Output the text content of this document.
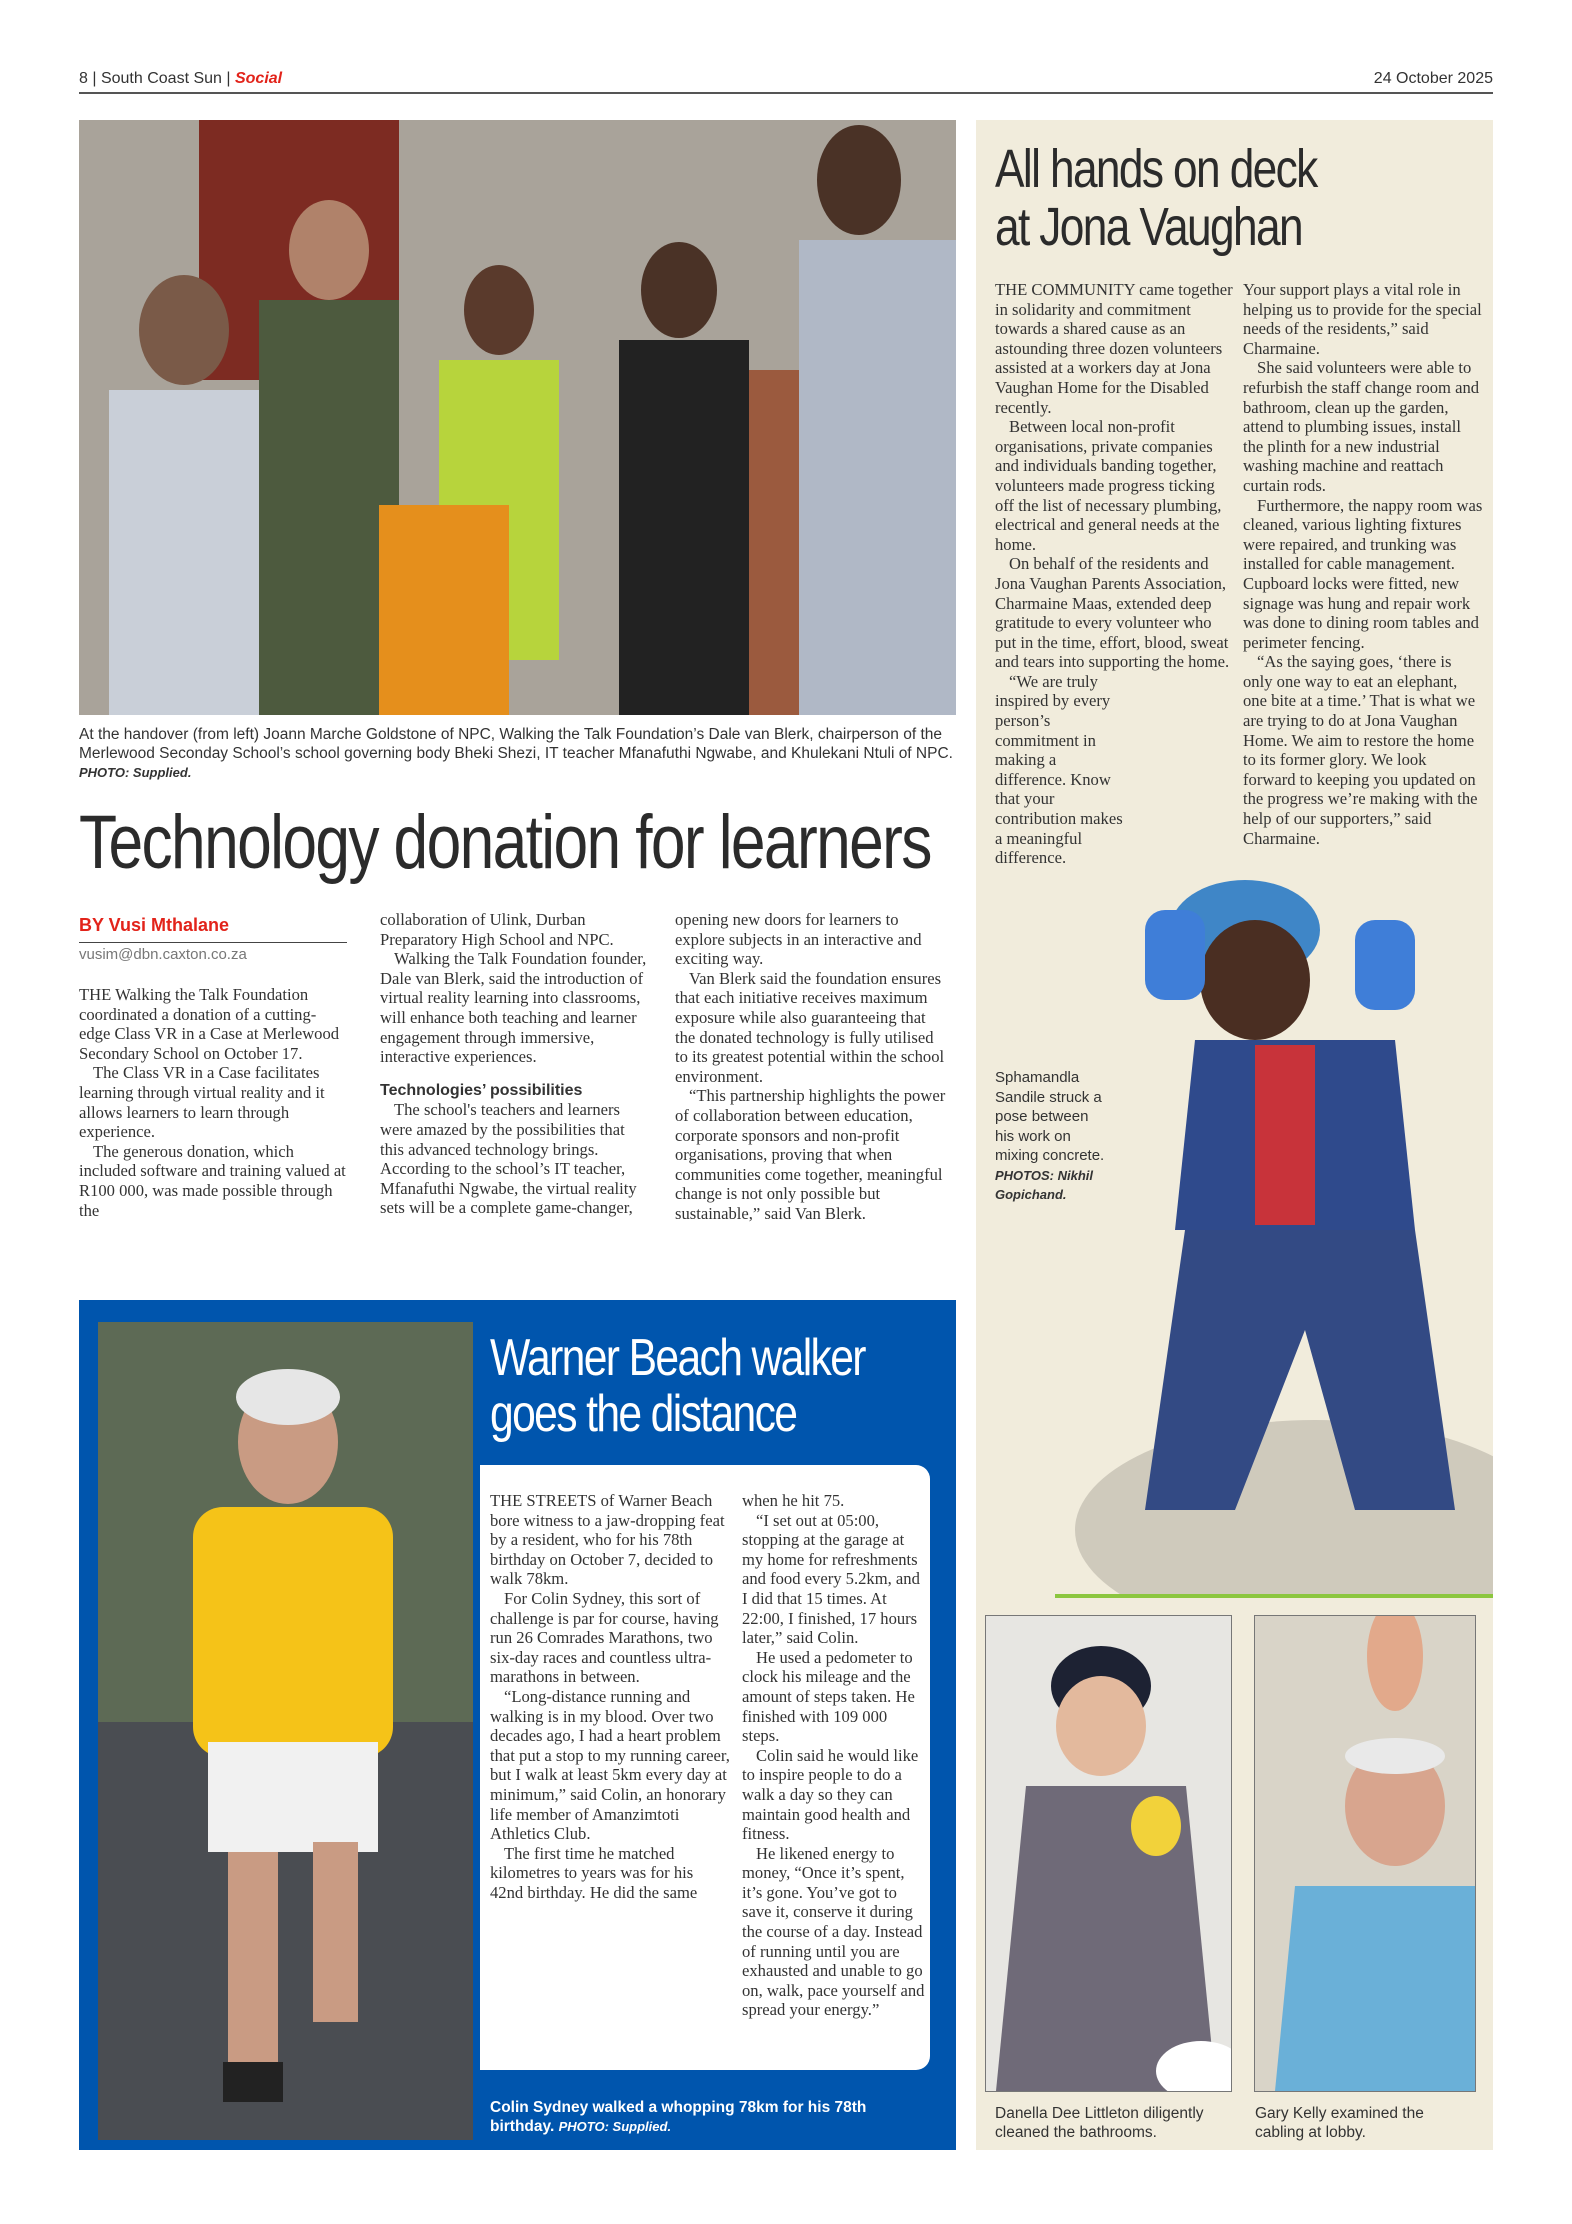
8 | South Coast Sun | Social	24 October 2025
At the handover (from left) Joann Marche Goldstone of NPC, Walking the Talk Foundation’s Dale van Blerk, chairperson of the Merlewood Seconday School’s school governing body Bheki Shezi, IT teacher Mfanafuthi Ngwabe, and Khulekani Ntuli of NPC. PHOTO: Supplied.
Technology donation for learners
BY Vusi Mthalane
vusim@dbn.caxton.co.za

THE Walking the Talk Foundation coordinated a donation of a cutting-edge Class VR in a Case at Merlewood Secondary School on October 17.

The Class VR in a Case facilitates learning through virtual reality and it allows learners to learn through experience.

The generous donation, which included software and training valued at R100 000, was made possible through the

collaboration of Ulink, Durban Preparatory High School and NPC.

Walking the Talk Foundation founder, Dale van Blerk, said the introduction of virtual reality learning into classrooms, will enhance both teaching and learner engagement through immersive, interactive experiences.

Technologies’ possibilities

The school's teachers and learners were amazed by the possibilities that this advanced technology brings. According to the school’s IT teacher, Mfanafuthi Ngwabe, the virtual reality sets will be a complete game-changer,

opening new doors for learners to explore subjects in an interactive and exciting way.

Van Blerk said the foundation ensures that each initiative receives maximum exposure while also guaranteeing that the donated technology is fully utilised to its greatest potential within the school environment.

“This partnership highlights the power of collaboration between education, corporate sponsors and non-profit organisations, proving that when communities come together, meaningful change is not only possible but sustainable,” said Van Blerk.

Warner Beach walker
goes the distance

THE STREETS of Warner Beach bore witness to a jaw-dropping feat by a resident, who for his 78th birthday on October 7, decided to walk 78km.

For Colin Sydney, this sort of challenge is par for course, having run 26 Comrades Marathons, two six-day races and countless ultra-marathons in between.

“Long-distance running and walking is in my blood. Over two decades ago, I had a heart problem that put a stop to my running career, but I walk at least 5km every day at minimum,” said Colin, an honorary life member of Amanzimtoti Athletics Club.

The first time he matched kilometres to years was for his 42nd birthday. He did the same

when he hit 75.

“I set out at 05:00, stopping at the garage at my home for refreshments and food every 5.2km, and I did that 15 times. At 22:00, I finished, 17 hours later,” said Colin.

He used a pedometer to clock his mileage and the amount of steps taken. He finished with 109 000 steps.

Colin said he would like to inspire people to do a walk a day so they can maintain good health and fitness.

He likened energy to money, “Once it’s spent, it’s gone. You’ve got to save it, conserve it during the course of a day. Instead of running until you are exhausted and unable to go on, walk, pace yourself and spread your energy.”

Colin Sydney walked a whopping 78km for his 78th birthday. PHOTO: Supplied.
All hands on deck
at Jona Vaughan

THE COMMUNITY came together in solidarity and commitment towards a shared cause as an astounding three dozen volunteers assisted at a workers day at Jona Vaughan Home for the Disabled recently.

Between local non-profit organisations, private companies and individuals banding together, volunteers made progress ticking off the list of necessary plumbing, electrical and general needs at the home.

On behalf of the residents and Jona Vaughan Parents Association, Charmaine Maas, extended deep gratitude to every volunteer who put in the time, effort, blood, sweat and tears into supporting the home.

“We are truly inspired by every person’s commitment in making a difference. Know that your contribution makes a meaningful difference.

Your support plays a vital role in helping us to provide for the special needs of the residents,” said Charmaine.

She said volunteers were able to refurbish the staff change room and bathroom, clean up the garden, attend to plumbing issues, install the plinth for a new industrial washing machine and reattach curtain rods.

Furthermore, the nappy room was cleaned, various lighting fixtures were repaired, and trunking was installed for cable management. Cupboard locks were fitted, new signage was hung and repair work was done to dining room tables and perimeter fencing.

“As the saying goes, ‘there is only one way to eat an elephant, one bite at a time.’ That is what we are trying to do at Jona Vaughan Home. We aim to restore the home to its former glory. We look forward to keeping you updated on the progress we’re making with the help of our supporters,” said Charmaine.

Sphamandla Sandile struck a pose between his work on mixing concrete.
PHOTOS: Nikhil Gopichand.
Danella Dee Littleton diligently cleaned the bathrooms.
Gary Kelly examined the cabling at lobby.
